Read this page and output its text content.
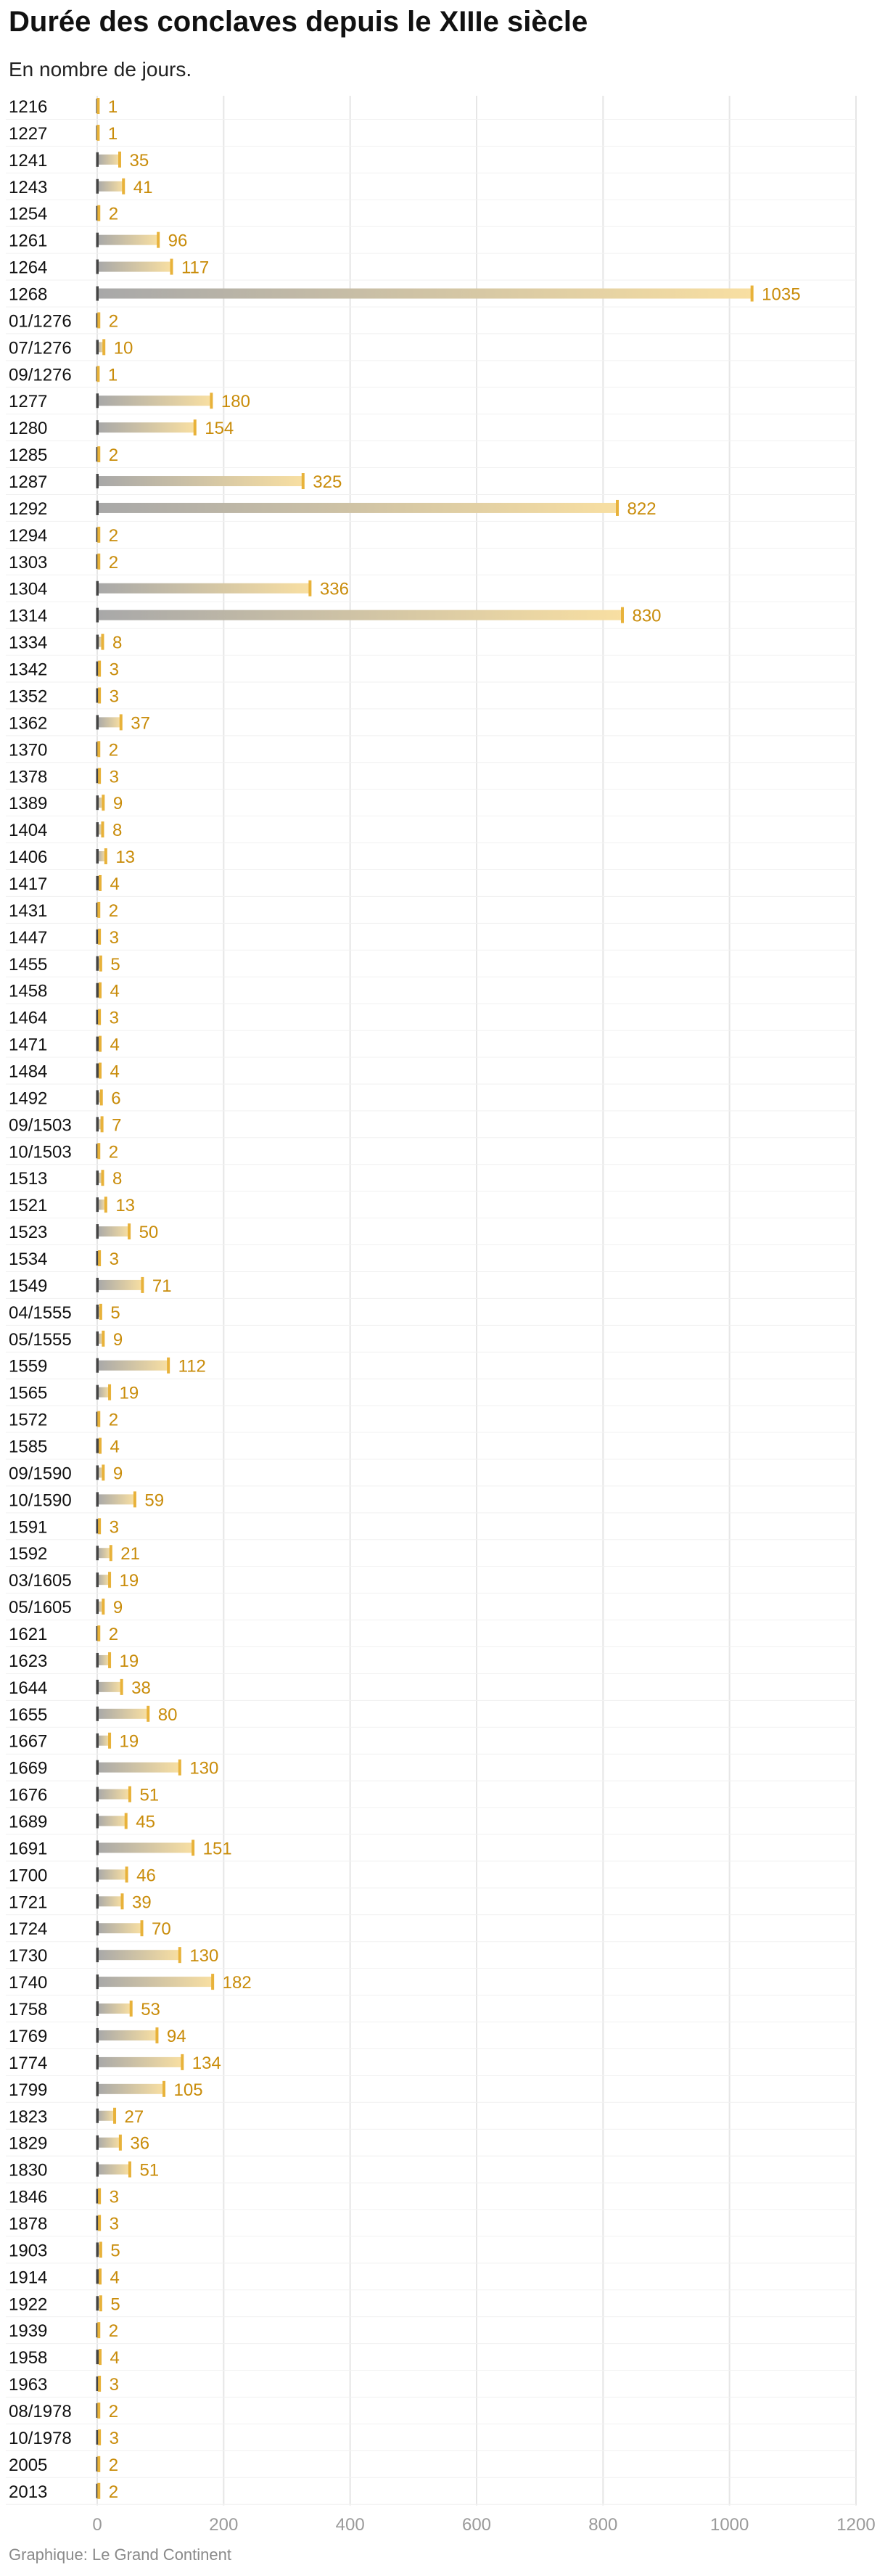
Durée des conclaves depuis le XIIIe siècle

En nombre de jours.

0	200	400	600	800	1000	1200
1216	1
1227	1
1241	35
1243	41
1254	2
1261	96
1264	117
1268	1035
01/1276 2
07/1276 10
09/1276 1
1277	180
1280	154
1285	2
1287	325
1292	822
1294	2
1303	2
1304	336
1314	830
1334	8
1342	3
1352	3
1362	37
1370	2
1378	3
1389	9
1404	8
1406	13
1417	4
1431	2
1447	3
1455	5
1458	4
1464	3
1471	4
1484	4
1492	6
09/1503 7
10/1503 2
1513	8
1521	13
1523	50
1534	3
1549	71
04/1555 5
05/1555 9
1559	112
1565	19
1572	2
1585	4
09/1590 9
10/1590	59
1591	3
1592	21
03/1605	19
05/1605 9
1621	2
1623	19
1644	38
1655	80
1667	19
1669	130
1676	51
1689	45
1691	151
1700	46
1721	39
1724	70
1730	130
1740	182
1758	53
1769	94
1774	134
1799	105
1823	27
1829	36
1830	51
1846	3
1878	3
1903	5
1914	4
1922	5
1939	2
1958	4
1963	3
08/1978 2
10/1978 3
2005	2
2013	2

Graphique: Le Grand Continent
